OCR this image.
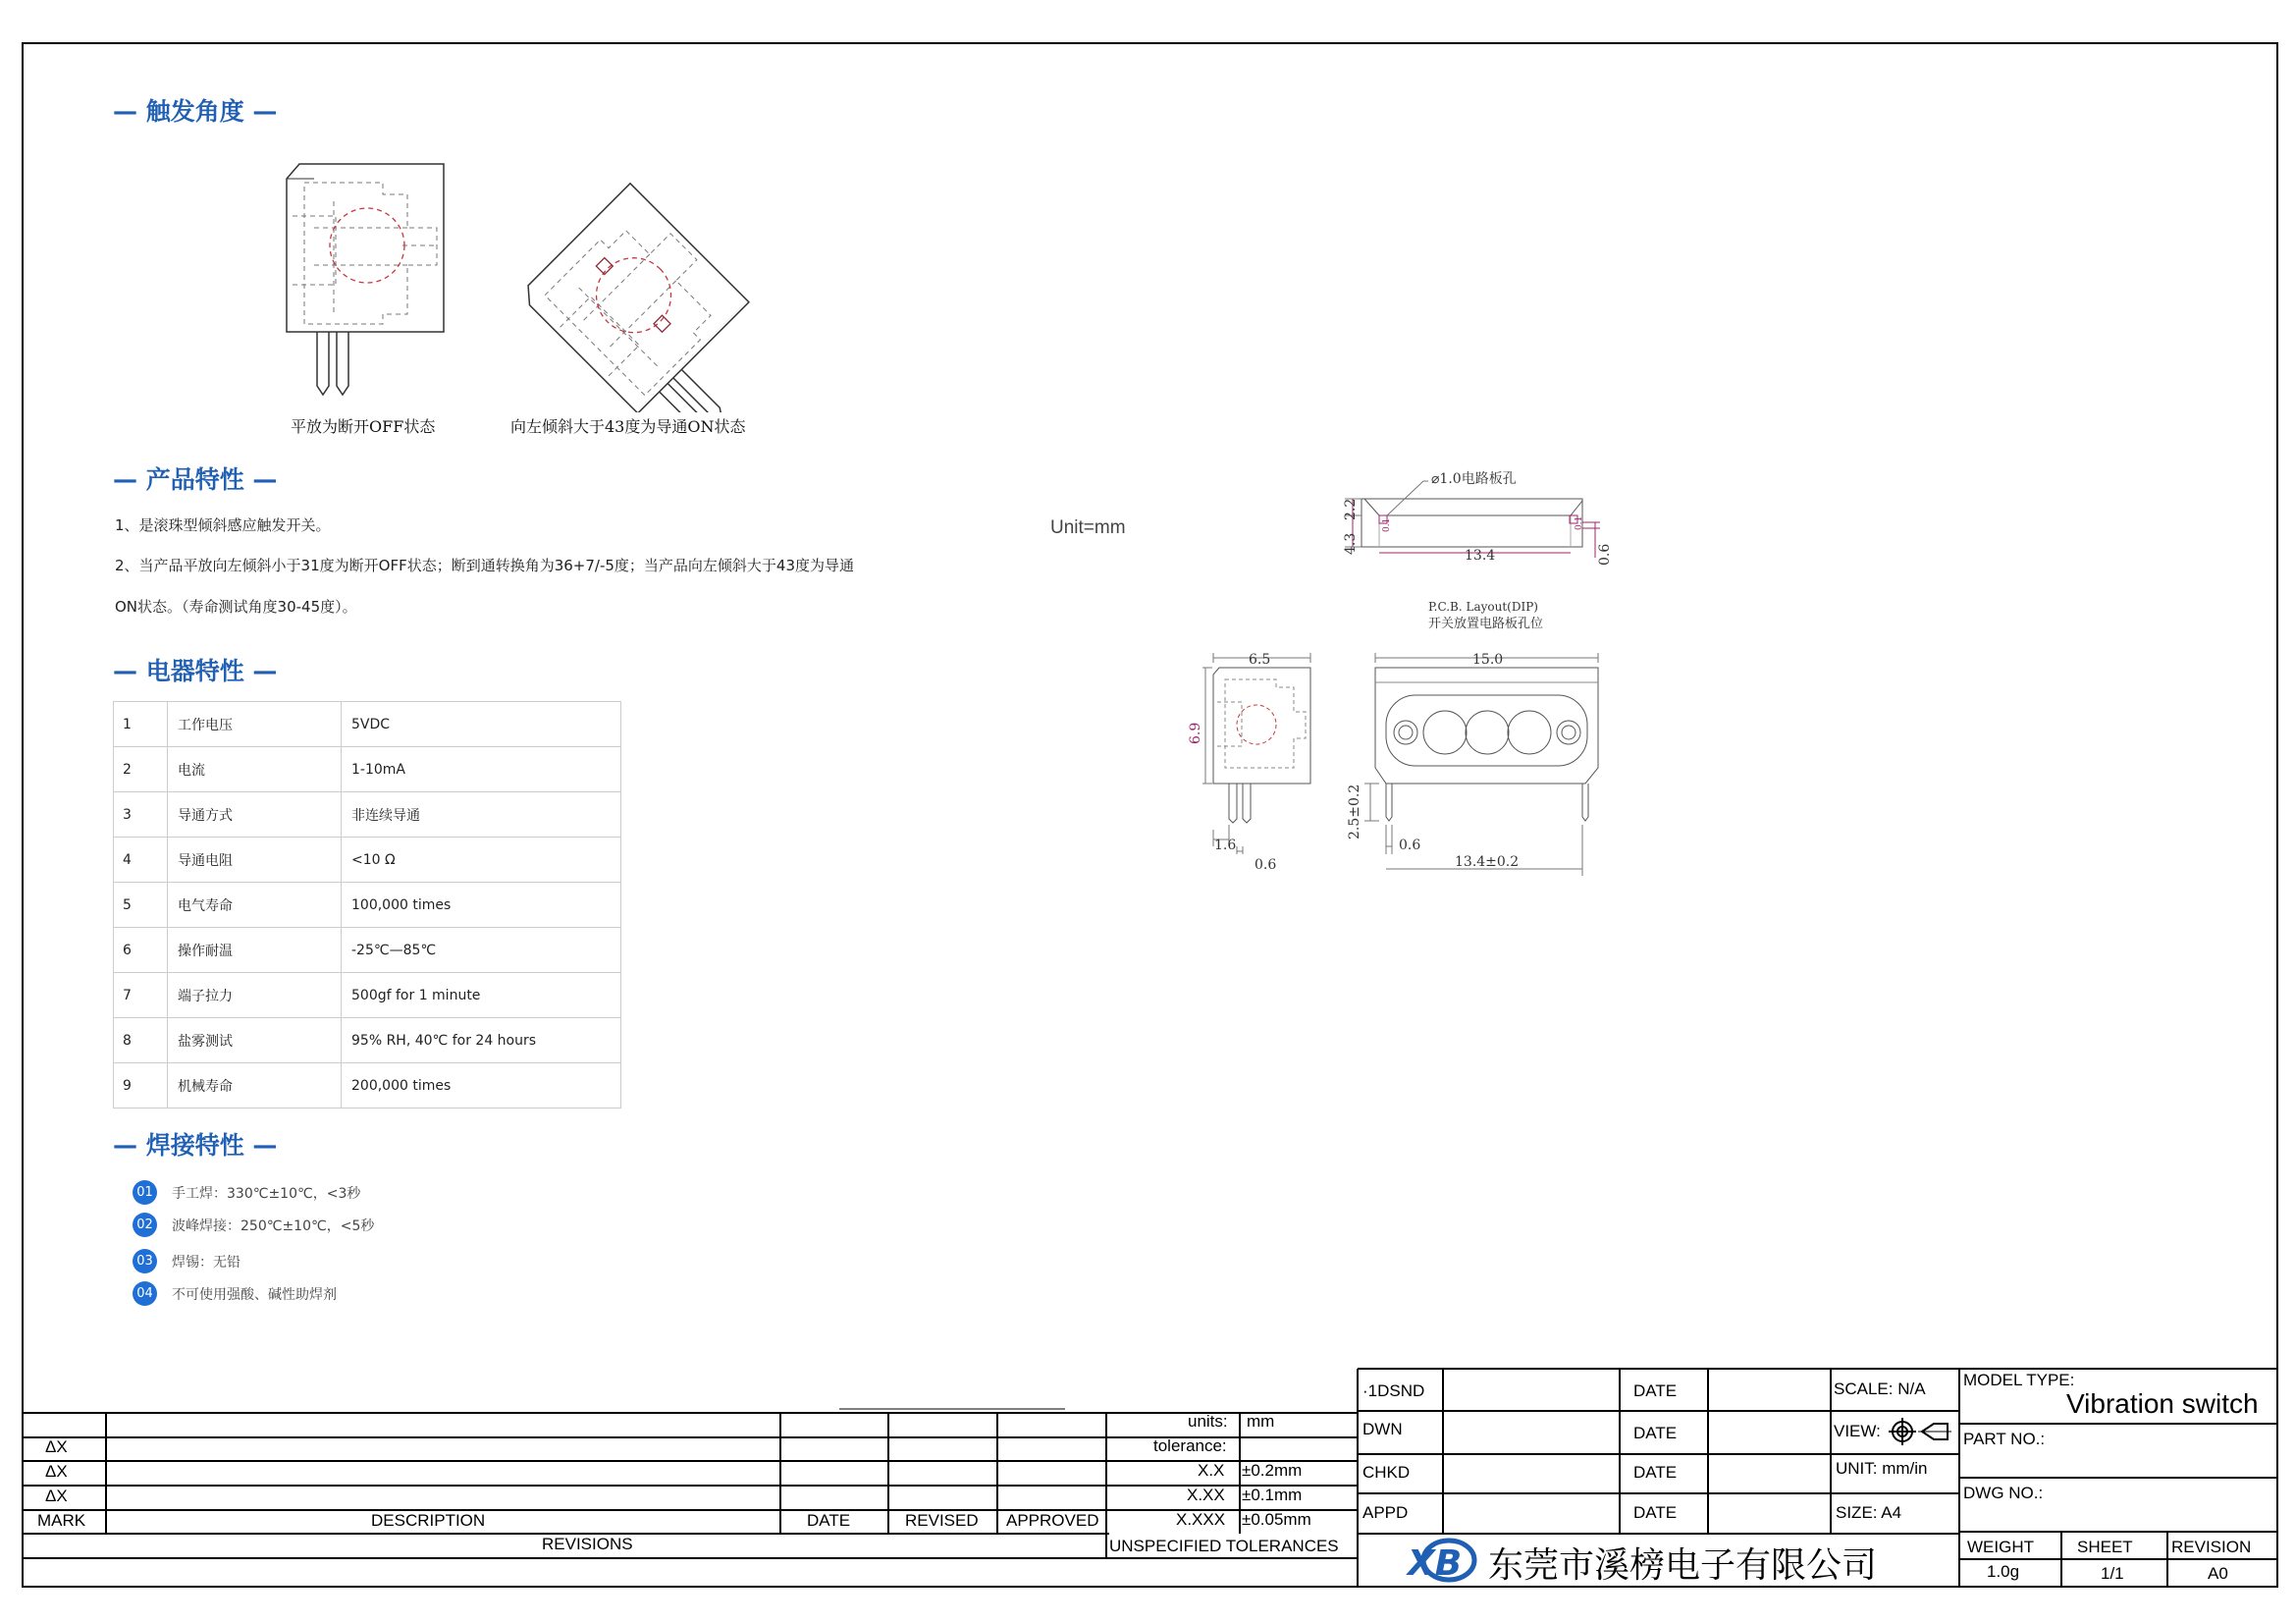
— 触发角度 —
— 产品特性 —
— 电器特性 —
— 焊接特性 —
平放为断开OFF状态	向左倾斜大于43度为导通ON状态
1、是滚珠型倾斜感应触发开关。
2、当产品平放向左倾斜小于31度为断开OFF状态；断到通转换角为36+7/-5度；当产品向左倾斜大于43度为导通
ON状态。（寿命测试角度30-45度）。
1	工作电压	5VDC
2	电流	1-10mA
3	导通方式	非连续导通
4	导通电阻	<10 Ω
5	电气寿命	100,000 times
6	操作耐温	-25℃—85℃
7	端子拉力	500gf for 1 minute
8	盐雾测试	95% RH, 40℃ for 24 hours
9	机械寿命	200,000 times
01	手工焊：330℃±10℃，<3秒
02	波峰焊接：250℃±10℃，<5秒
03	焊锡：无铅
04	不可使用强酸、碱性助焊剂
Unit=mm
⌀1.0电路板孔
2.2
4.3
13.4	0.6
0.1	0.1
P.C.B. Layout(DIP)
开关放置电路板孔位
6.5
6.9
1.6
0.6
15.0
2.5±0.2
0.6
13.4±0.2
ΔX
ΔX
ΔX
MARK	DESCRIPTION	DATE	REVISED APPROVED
REVISIONS
units: mm
tolerance:
X.X ±0.2mm
X.XX ±0.1mm
X.XXX ±0.05mm
UNSPECIFIED TOLERANCES
·1DSND	DATE
DWN	DATE
CHKD	DATE
APPD	DATE
SCALE: N/A
VIEW:
UNIT: mm/in
SIZE: A4
MODEL TYPE:
Vibration switch
PART NO.:
DWG NO.:
WEIGHT
1.0g
SHEET
1/1
REVISION
A0
XB 东莞市溪榜电子有限公司
